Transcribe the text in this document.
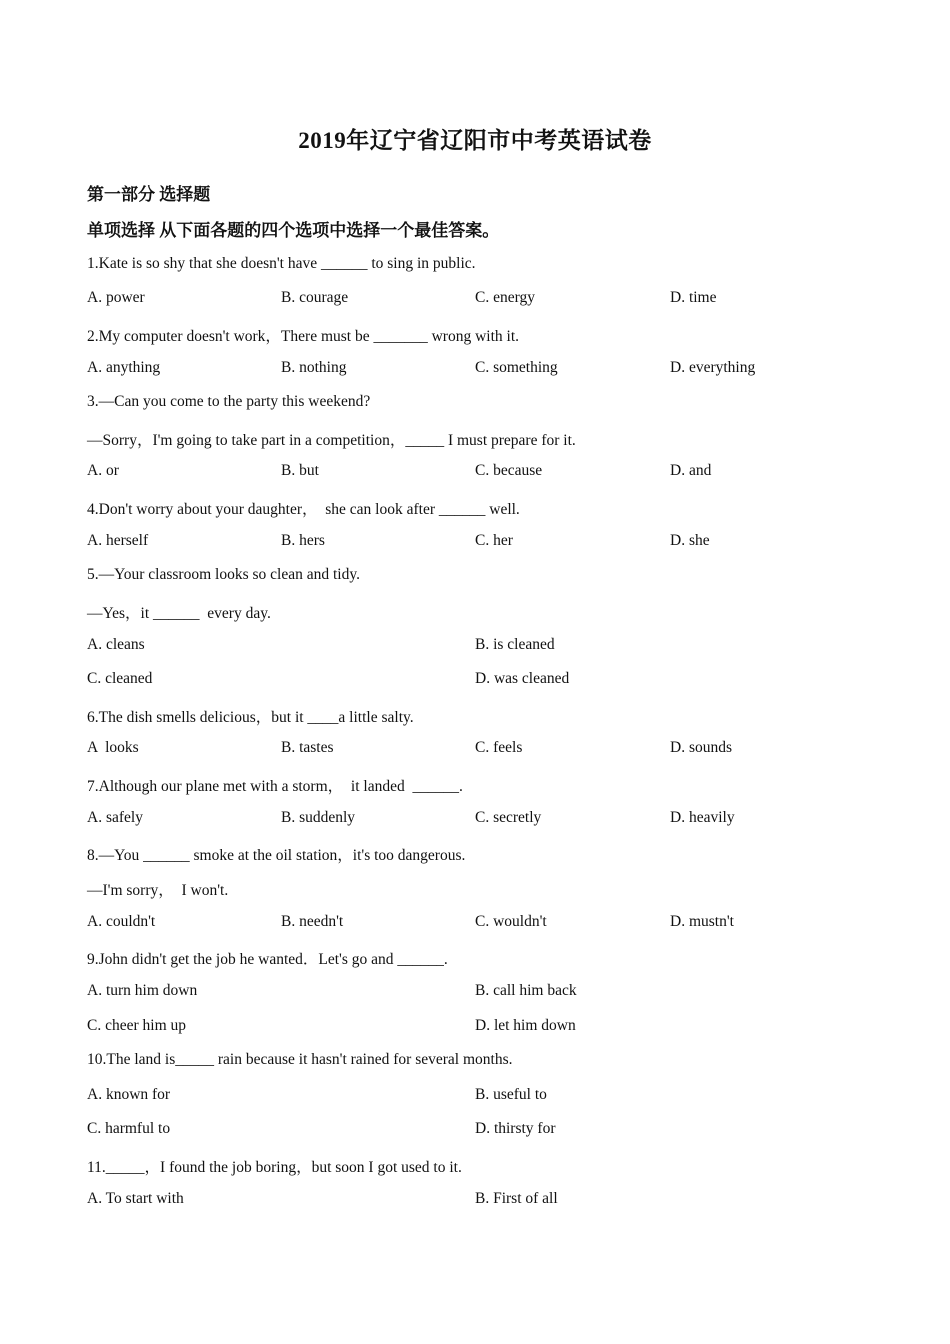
2019年辽宁省辽阳市中考英语试卷
第一部分 选择题
单项选择 从下面各题的四个选项中选择一个最佳答案。
1.Kate is so shy that she doesn't have ______ to sing in public.
A. power	B. courage	C. energy	D. time
2.My computer doesn't work，There must be _______ wrong with it.
A. anything	B. nothing	C. something	D. everything
3.—Can you come to the party this weekend?
—Sorry，I'm going to take part in a competition，_____ I must prepare for it.
A. or	B. but	C. because	D. and
4.Don't worry about your daughter，  she can look after ______ well.
A. herself	B. hers	C. her	D. she
5.—Your classroom looks so clean and tidy.
—Yes，it ______  every day.
A. cleans	B. is cleaned
C. cleaned	D. was cleaned
6.The dish smells delicious，but it ____a little salty.
A  looks	B. tastes	C. feels	D. sounds
7.Although our plane met with a storm，  it landed  ______.
A. safely	B. suddenly	C. secretly	D. heavily
8.—You ______ smoke at the oil station，it's too dangerous.
—I'm sorry，  I won't.
A. couldn't	B. needn't	C. wouldn't	D. mustn't
9.John didn't get the job he wanted．Let's go and ______.
A. turn him down	B. call him back
C. cheer him up	D. let him down
10.The land is_____ rain because it hasn't rained for several months.
A. known for	B. useful to
C. harmful to	D. thirsty for
11._____，I found the job boring，but soon I got used to it.
A. To start with	B. First of all
